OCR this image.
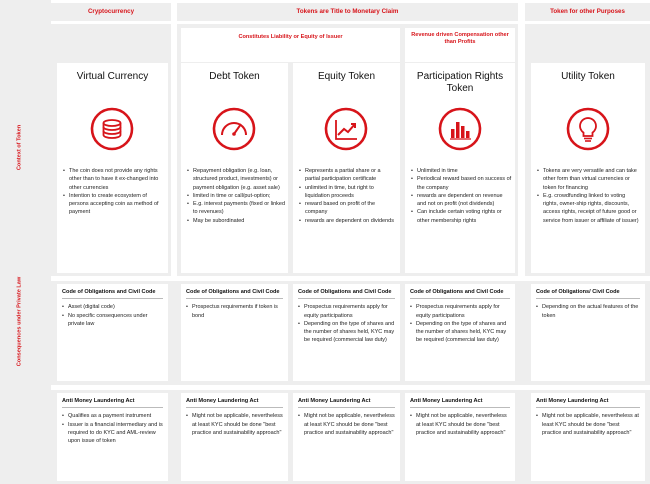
Cryptocurrency	Tokens are Title to Monetary Claim	Token for other Purposes
Constitutes Liability or Equity of Issuer	Revenue driven Compensation other than Profits
Context of Token
Consequences under Private Law
Virtual Currency
• The coin does not provide any rights other than to have it ex-changed into other currencies
• Intention to create ecosystem of persons accepting coin as method of payment
Debt Token
• Repayment obligation (e.g. loan, structured product, investments) or payment obligation (e.g. asset sale)
• limited in time or call/put-option;
• E.g. interest payments (fixed or linked to revenues)
• May be subordinated
Equity Token
• Represents a partial share or a partial participation certificate
• unlimited in time, but right to liquidation proceeds
• reward based on profit of the company
• rewards are dependent on dividends
Participation Rights Token
• Unlimited in time
• Periodical reward based on success of the company
• rewards are dependent on revenue and not on profit (not dividends)
• Can include certain voting rights or other membership rights
Utility Token
• Tokens are very versatile and can take other form than virtual currencies or token for financing
• E.g. crowdfunding linked to voting rights, owner-ship rights, discounts, access rights, receipt of future good or service from issuer or affiliate of issuer)
Code of Obligations and Civil Code
• Asset (digital code)
• No specific consequences under private law
Code of Obligations and Civil Code
• Prospectus requirements if token is bond
Code of Obligations and Civil Code
• Prospectus requirements apply for equity participations
• Depending on the type of shares and the number of shares held, KYC may be required (commercial law duty)
Code of Obligations and Civil Code
• Prospectus requirements apply for equity participations
• Depending on the type of shares and the number of shares held, KYC may be required (commercial law duty)
Code of Obligations/ Civil Code
• Depending on the actual features of the token
Anti Money Laundering Act
• Qualifies as a payment instrument
• Issuer is a financial intermediary and is required to do KYC and AML-review upon issue of token
Anti Money Laundering Act
• Might not be applicable, nevertheless at least KYC should be done "best practice and sustainability approach"
Anti Money Laundering Act
• Might not be applicable, nevertheless at least KYC should be done "best practice and sustainability approach"
Anti Money Laundering Act
• Might not be applicable, nevertheless at least KYC should be done "best practice and sustainability approach"
Anti Money Laundering Act
• Might not be applicable, nevertheless at least KYC should be done "best practice and sustainability approach"
